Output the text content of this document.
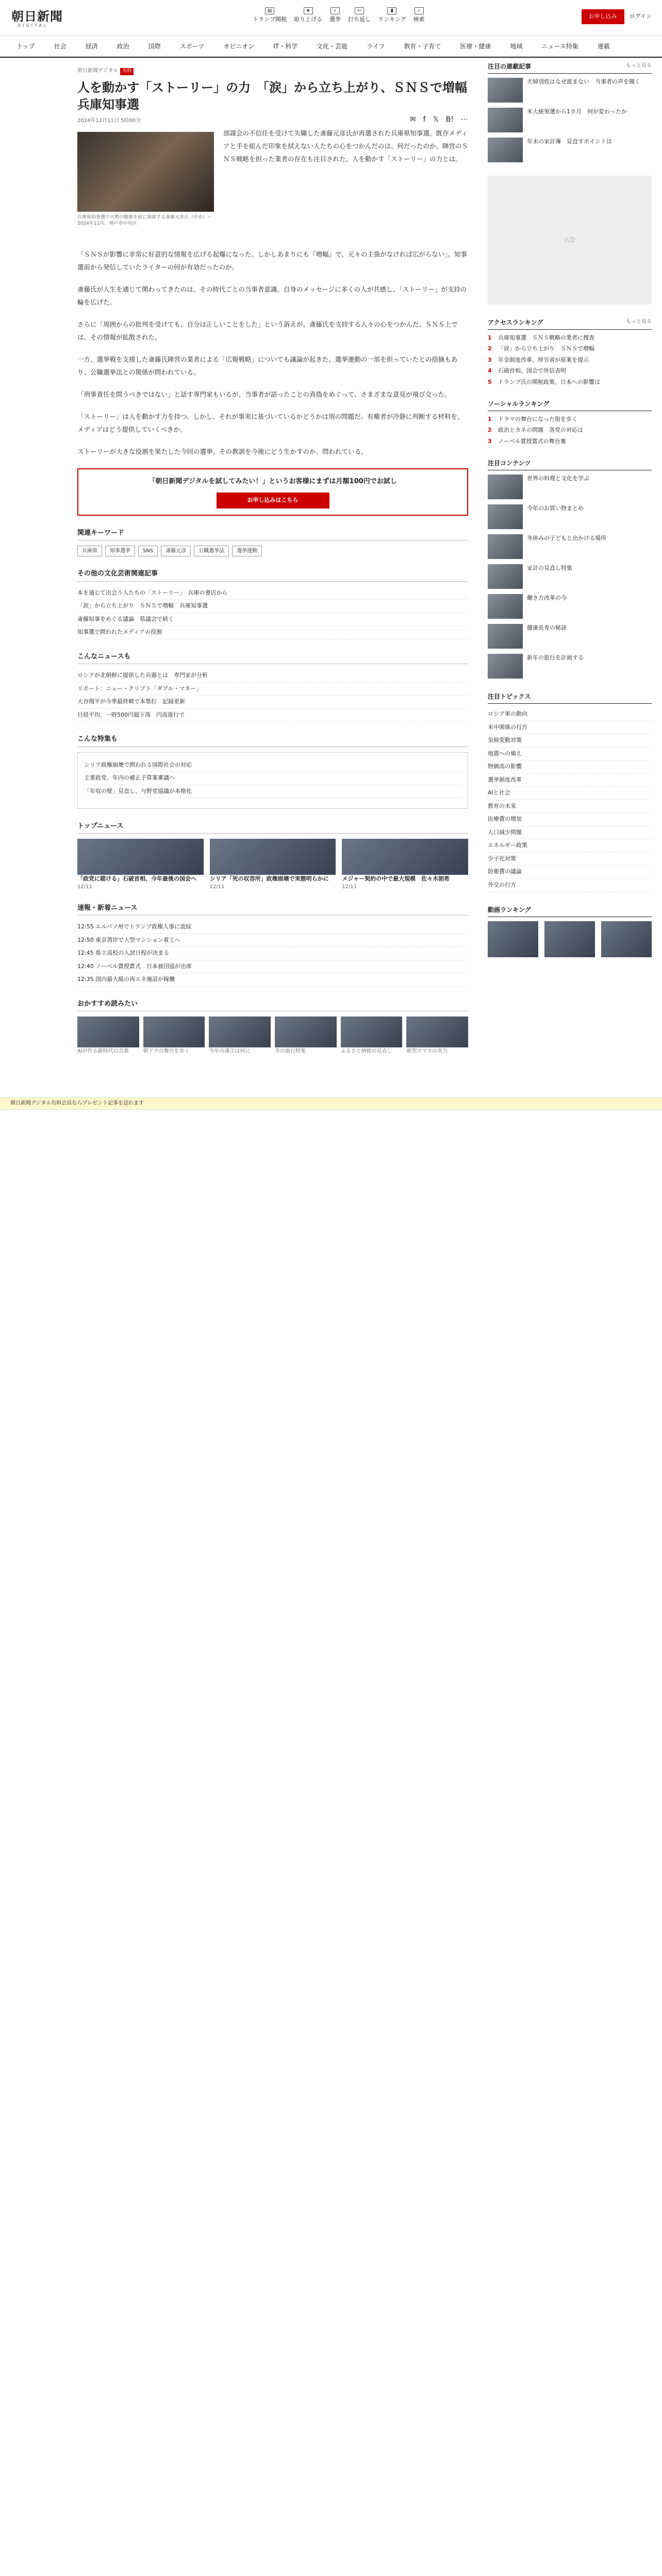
朝日新聞
DIGITAL
▤
トランプ関税
★
取り上げる
✓
選挙
↩
打ち返し
▮
ランキング
⌕
検索	お申し込み	ログイン
トップ	社会	経済	政治	国際	スポーツ	オピニオン	IT・科学	文化・芸能	ライフ	教育・子育て	医療・健康	地域	ニュース特集	連載
朝日新聞デジタル 有料
人を動かす「ストーリー」の力　「涙」から立ち上がり、ＳＮＳで増幅　兵庫知事選
2024年12月11日 5時00分	✉ f 𝕏 B! ⋯
兵庫県知事選で大勢の聴衆を前に演説する斎藤元彦氏（中央）＝2024年11月、神戸市中央区

部謀会の不信任を受けて失職した斎藤元彦氏が再選された兵庫県知事選。既存メディアと手を組んだ印象を拭えない人たちの心をつかんだのは、何だったのか。陣営のＳＮＳ戦略を担った業者の存在も注目された。人を動かす「ストーリー」の力とは。

「ＳＮＳが影響に非常に好意的な情報を広げる起爆になった。しかしあまりにも『増幅』で、元々の主張がなければ広がらない」。知事選前から発信していたライターの何が有効だったのか。

斎藤氏が人生を通じて関わってきたのは、その時代ごとの当事者意識。自身のメッセージに多くの人が共感し、「ストーリー」が支持の輪を広げた。

さらに「周囲からの批判を受けても、自分は正しいことをした」という訴えが、斎藤氏を支持する人々の心をつかんだ。ＳＮＳ上では、その情報が拡散された。

一方、選挙戦を支援した斎藤氏陣営の業者による「広報戦略」についても議論が起きた。選挙運動の一部を担っていたとの指摘もあり、公職選挙法との関係が問われている。

「刑事責任を問うべきではない」と話す専門家もいるが、当事者が語ったことの真偽をめぐって、さまざまな意見が飛び交った。

「ストーリー」は人を動かす力を持つ。しかし、それが事実に基づいているかどうかは別の問題だ。有権者が冷静に判断する材料を、メディアはどう提供していくべきか。

ストーリーが大きな役割を果たした今回の選挙。その教訓を今後にどう生かすのか、問われている。

「朝日新聞デジタルを試してみたい！」というお客様にまずは月額100円でお試し
お申し込みはこちら
関連キーワード
兵庫県	知事選挙	SNS	斎藤元彦	公職選挙法	選挙運動
その他の文化芸術関連記事
本を通じて出会う人たちの「ストーリー」　兵庫の書店から
「涙」から立ち上がり　ＳＮＳで増幅　兵庫知事選
斎藤知事をめぐる議論　県議会で続く
知事選で問われたメディアの役割
こんなニュースも
ロシアが北朝鮮に提供した兵器とは　専門家が分析
リポート：ニュー・クリプト「ダブル・マネー」
大谷翔平が今季最終戦で本塁打　記録更新
日経平均、一時500円超下落　円高進行で
こんな特集も
シリア政権崩壊で問われる国際社会の対応
主要政党、年内の補正予算案審議へ
「年収の壁」見直し、与野党協議が本格化
トップニュース
「政党に賭ける」石破首相、今年最後の国会へ
12/11
シリア「死の収容所」政権崩壊で実態明らかに
12/11
メジャー契約の中で最大規模　佐々木朗希
12/11
速報・新着ニュース
12:55 エルパソ州でトランプ政権人事に波紋
12:50 東京湾岸で大型マンション着工へ
12:45 県立高校の入試日程が決まる
12:40 ノーベル賞授賞式　日本被団協が出席
12:35 国内最大級の再エネ施設が稼働
おかすすめ読みたい
AIが作る新時代の音楽	朝ドラの舞台を歩く	今年の漢字は何に	冬の旅行特集	ふるさと納税の見直し	新型スマホの実力
注目の連載記事	もっと見る
夫婦別姓はなぜ進まない　当事者の声を聞く
米大統領選から1カ月　何が変わったか
年末の家計簿　見直すポイントは
広告
アクセスランキング	もっと見る
1	兵庫知事選　ＳＮＳ戦略の業者に捜査
2	「涙」から立ち上がり　ＳＮＳで増幅
3	年金制度改革、厚労省が原案を提示
4	石破首相、国会で所信表明
5	トランプ氏の関税政策、日本への影響は
ソーシャルランキング
1	ドラマの舞台になった街を歩く
2	政治とカネの問題　各党の対応は
3	ノーベル賞授賞式の舞台裏
注目コンテンツ
世界の料理と文化を学ぶ
今年のお買い物まとめ
冬休みの子どもと出かける場所
家計の見直し特集
働き方改革の今
健康長寿の秘訣
新年の旅行を計画する
注目トピックス
ロシア軍の動向
米中関係の行方
気候変動対策
地震への備え
物価高の影響
選挙制度改革
AIと社会
教育の未来
医療費の増加
人口減少問題
エネルギー政策
少子化対策
防衛費の議論
外交の行方
動画ランキング
朝日新聞デジタル有料会員ならプレゼント記事を送れます
